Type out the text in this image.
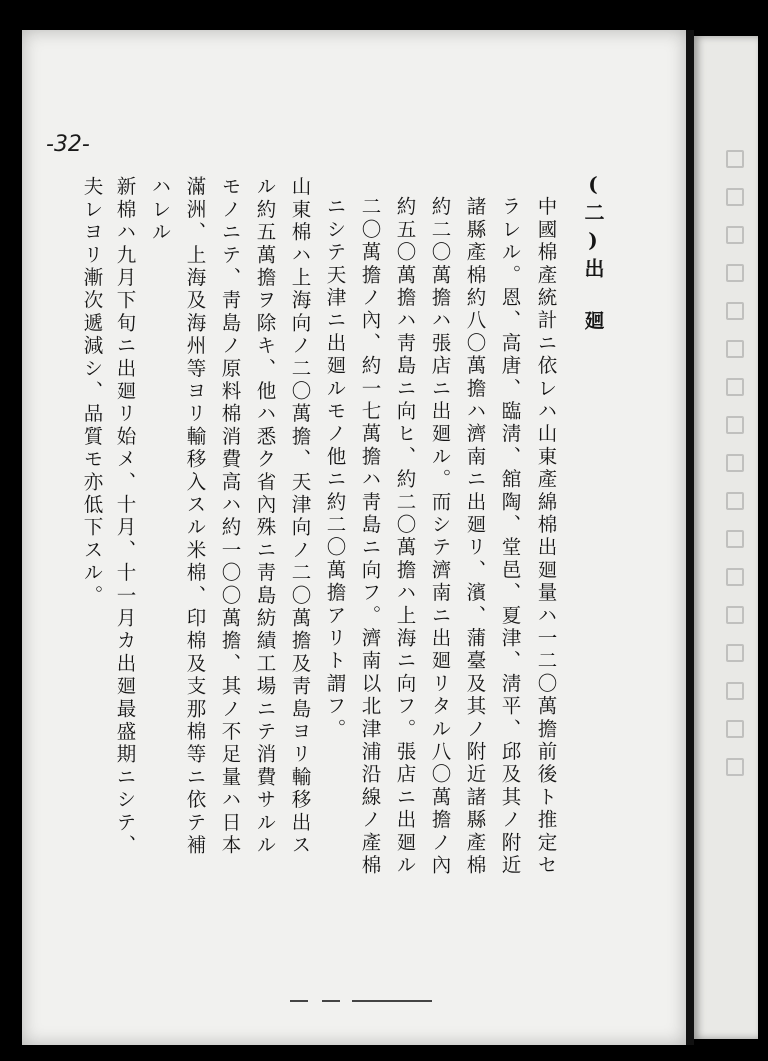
-32-
(二)出　廻
中國棉產統計ニ依レハ山東產綿棉出廻量ハ一二〇萬擔前後ト推定セ
ラレル。恩、高唐、臨淸、舘陶、堂邑、夏津、淸平、邱及其ノ附近
諸縣產棉約八〇萬擔ハ濟南ニ出廻リ、濱、蒲臺及其ノ附近諸縣產棉
約二〇萬擔ハ張店ニ出廻ル。而シテ濟南ニ出廻リタル八〇萬擔ノ內
約五〇萬擔ハ靑島ニ向ヒ、約二〇萬擔ハ上海ニ向フ。張店ニ出廻ル
二〇萬擔ノ內、約一七萬擔ハ靑島ニ向フ。濟南以北津浦沿線ノ產棉
ニシテ天津ニ出廻ルモノ他ニ約二〇萬擔アリト謂フ。
山東棉ハ上海向ノ二〇萬擔、天津向ノ二〇萬擔及靑島ヨリ輸移出ス
ル約五萬擔ヲ除キ、他ハ悉ク省內殊ニ靑島紡績工場ニテ消費サルル
モノニテ、靑島ノ原料棉消費高ハ約一〇〇萬擔、其ノ不足量ハ日本
滿洲、上海及海州等ヨリ輸移入スル米棉、印棉及支那棉等ニ依テ補
ハレル
新棉ハ九月下旬ニ出廻リ始メ、十月、十一月カ出廻最盛期ニシテ、
夫レヨリ漸次遞減シ、品質モ亦低下スル。
